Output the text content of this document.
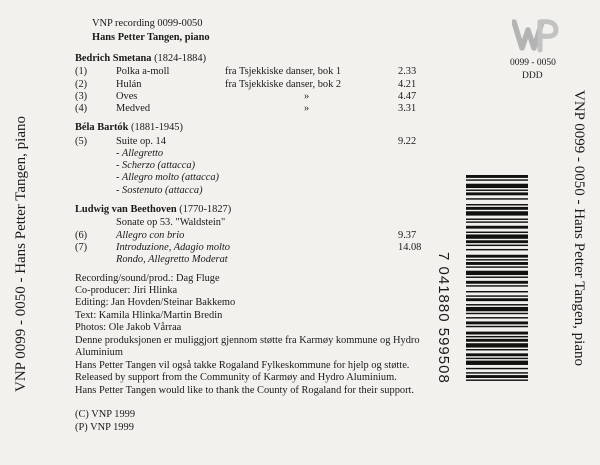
VNP 0099 - 0050 - Hans Petter Tangen, piano	VNP 0099 - 0050 - Hans Petter Tangen, piano
VNP recording 0099-0050
Hans Petter Tangen, piano
0099 - 0050
DDD
Bedrich Smetana (1824-1884)
(1)	Polka a-moll	fra Tsjekkiske danser, bok 1	2.33
(2)	Hulán	fra Tsjekkiske danser, bok 2	4.21
(3)	Oves	»	4.47
(4)	Medved	»	3.31
Béla Bartók (1881-1945)
(5)	Suite op. 14	9.22
- Allegretto
- Scherzo (attacca)
- Allegro molto (attacca)
- Sostenuto (attacca)
Ludwig van Beethoven (1770-1827)
Sonate op 53. "Waldstein"
(6)	Allegro con brio	9.37
(7)	Introduzione, Adagio molto	14.08
Rondo, Allegretto Moderat
Recording/sound/prod.: Dag Fluge
Co-producer: Jiri Hlinka
Editing: Jan Hovden/Steinar Bakkemo
Text: Kamila Hlinka/Martin Bredin
Photos: Ole Jakob Vårraa
Denne produksjonen er muliggjort gjennom støtte fra Karmøy kommune og Hydro
Aluminium
Hans Petter Tangen vil også takke Rogaland Fylkeskommune for hjelp og støtte.
Released by support from the Community of Karmøy and Hydro Aluminium.
Hans Petter Tangen would like to thank the County of Rogaland for their support.
(C) VNP 1999
(P) VNP 1999
7 041880 599508
